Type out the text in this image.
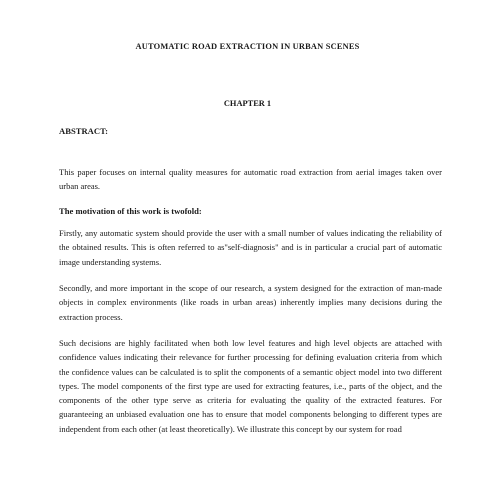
AUTOMATIC ROAD EXTRACTION IN URBAN SCENES
CHAPTER 1
ABSTRACT:

This paper focuses on internal quality measures for automatic road extraction from aerial images taken over urban areas.

The motivation of this work is twofold:

Firstly, any automatic system should provide the user with a small number of values indicating the reliability of the obtained results. This is often referred to as"self-diagnosis" and is in particular a crucial part of automatic image understanding systems.

Secondly, and more important in the scope of our research, a system designed for the extraction of man-made objects in complex environments (like roads in urban areas) inherently implies many decisions during the extraction process.

Such decisions are highly facilitated when both low level features and high level objects are attached with confidence values indicating their relevance for further processing for defining evaluation criteria from which the confidence values can be calculated is to split the components of a semantic object model into two different types. The model components of the first type are used for extracting features, i.e., parts of the object, and the components of the other type serve as criteria for evaluating the quality of the extracted features. For guaranteeing an unbiased evaluation one has to ensure that model components belonging to different types are independent from each other (at least theoretically). We illustrate this concept by our system for road
